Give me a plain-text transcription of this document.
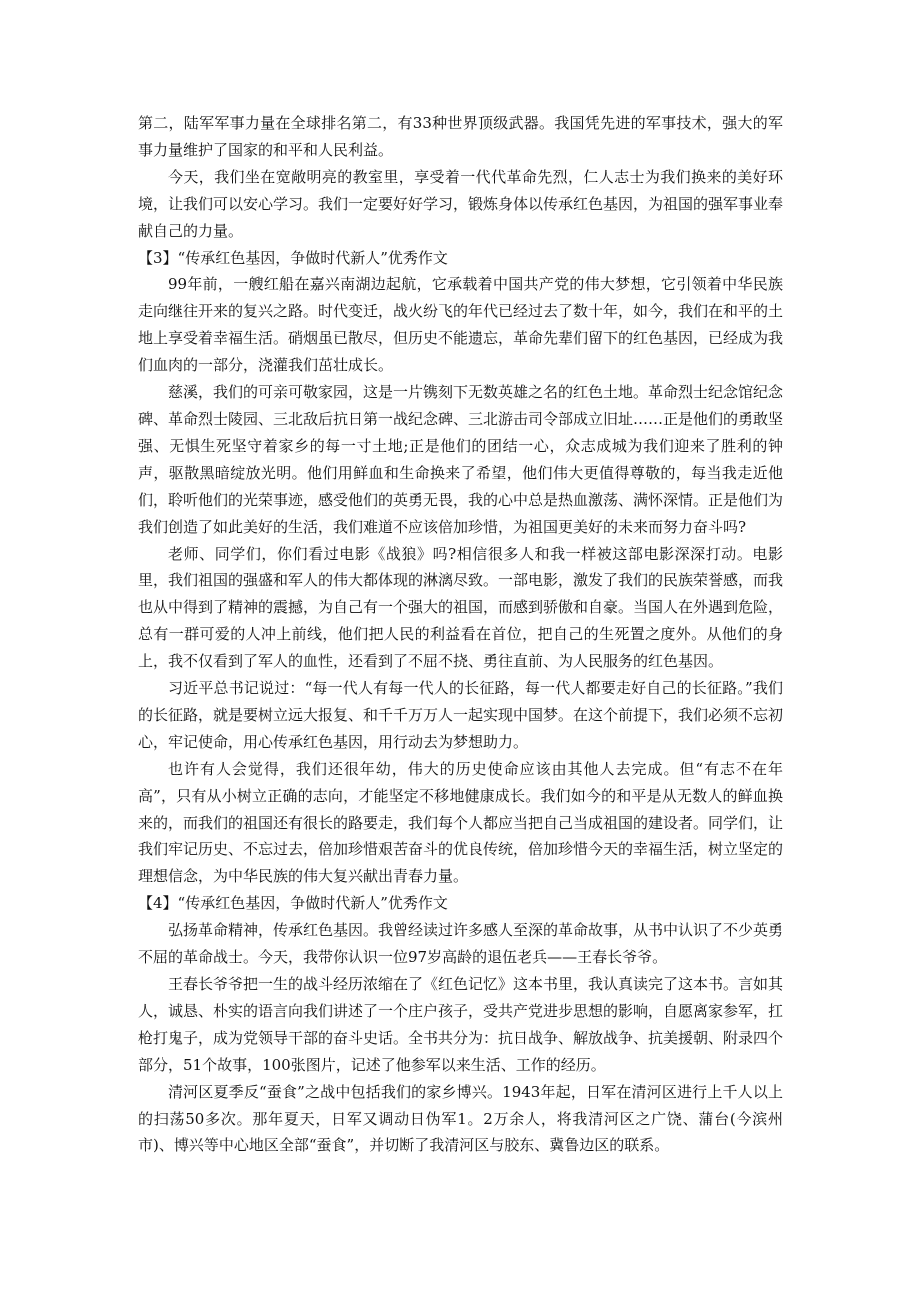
第二，陆军军事力量在全球排名第二，有33种世界顶级武器。我国凭先进的军事技术，强大的军事力量维护了国家的和平和人民利益。

今天，我们坐在宽敞明亮的教室里，享受着一代代革命先烈，仁人志士为我们换来的美好环境，让我们可以安心学习。我们一定要好好学习，锻炼身体以传承红色基因，为祖国的强军事业奉献自己的力量。

【3】“传承红色基因，争做时代新人”优秀作文

99年前，一艘红船在嘉兴南湖边起航，它承载着中国共产党的伟大梦想，它引领着中华民族走向继往开来的复兴之路。时代变迁，战火纷飞的年代已经过去了数十年，如今，我们在和平的土地上享受着幸福生活。硝烟虽已散尽，但历史不能遗忘，革命先辈们留下的红色基因，已经成为我们血肉的一部分，浇灌我们茁壮成长。

慈溪，我们的可亲可敬家园，这是一片镌刻下无数英雄之名的红色土地。革命烈士纪念馆纪念碑、革命烈士陵园、三北敌后抗日第一战纪念碑、三北游击司令部成立旧址……正是他们的勇敢坚强、无惧生死坚守着家乡的每一寸土地;正是他们的团结一心，众志成城为我们迎来了胜利的钟声，驱散黑暗绽放光明。他们用鲜血和生命换来了希望，他们伟大更值得尊敬的，每当我走近他们，聆听他们的光荣事迹，感受他们的英勇无畏，我的心中总是热血激荡、满怀深情。正是他们为我们创造了如此美好的生活，我们难道不应该倍加珍惜，为祖国更美好的未来而努力奋斗吗?

老师、同学们，你们看过电影《战狼》吗?相信很多人和我一样被这部电影深深打动。电影里，我们祖国的强盛和军人的伟大都体现的淋漓尽致。一部电影，激发了我们的民族荣誉感，而我也从中得到了精神的震撼，为自己有一个强大的祖国，而感到骄傲和自豪。当国人在外遇到危险，总有一群可爱的人冲上前线，他们把人民的利益看在首位，把自己的生死置之度外。从他们的身上，我不仅看到了军人的血性，还看到了不屈不挠、勇往直前、为人民服务的红色基因。

习近平总书记说过：“每一代人有每一代人的长征路，每一代人都要走好自己的长征路。”我们的长征路，就是要树立远大报复、和千千万万人一起实现中国梦。在这个前提下，我们必须不忘初心，牢记使命，用心传承红色基因，用行动去为梦想助力。

也许有人会觉得，我们还很年幼，伟大的历史使命应该由其他人去完成。但“有志不在年高”，只有从小树立正确的志向，才能坚定不移地健康成长。我们如今的和平是从无数人的鲜血换来的，而我们的祖国还有很长的路要走，我们每个人都应当把自己当成祖国的建设者。同学们，让我们牢记历史、不忘过去，倍加珍惜艰苦奋斗的优良传统，倍加珍惜今天的幸福生活，树立坚定的理想信念，为中华民族的伟大复兴献出青春力量。

【4】“传承红色基因，争做时代新人”优秀作文

弘扬革命精神，传承红色基因。我曾经读过许多感人至深的革命故事，从书中认识了不少英勇不屈的革命战士。今天，我带你认识一位97岁高龄的退伍老兵——王春长爷爷。

王春长爷爷把一生的战斗经历浓缩在了《红色记忆》这本书里，我认真读完了这本书。言如其人，诚恳、朴实的语言向我们讲述了一个庄户孩子，受共产党进步思想的影响，自愿离家参军，扛枪打鬼子，成为党领导干部的奋斗史话。全书共分为：抗日战争、解放战争、抗美援朝、附录四个部分，51个故事，100张图片，记述了他参军以来生活、工作的经历。

清河区夏季反“蚕食”之战中包括我们的家乡博兴。1943年起，日军在清河区进行上千人以上的扫荡50多次。那年夏天，日军又调动日伪军1。2万余人，将我清河区之广饶、蒲台(今滨州市)、博兴等中心地区全部“蚕食”，并切断了我清河区与胶东、冀鲁边区的联系。
